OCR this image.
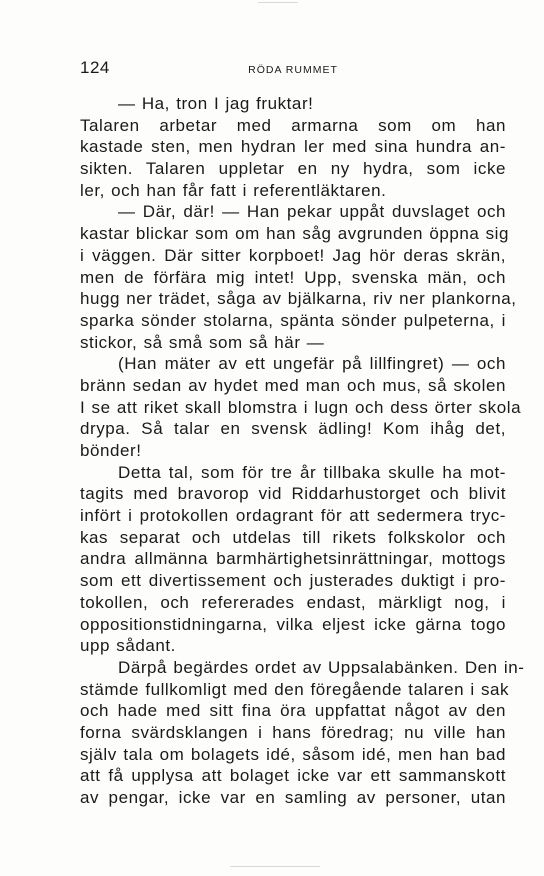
124	RÖDA RUMMET
— Ha, tron I jag fruktar!
Talaren arbetar med armarna som om han
kastade sten, men hydran ler med sina hundra an-
sikten. Talaren uppletar en ny hydra, som icke
ler, och han får fatt i referentläktaren.
— Där, där! — Han pekar uppåt duvslaget och
kastar blickar som om han såg avgrunden öppna sig
i väggen. Där sitter korpboet! Jag hör deras skrän,
men de förfära mig intet! Upp, svenska män, och
hugg ner trädet, såga av bjälkarna, riv ner plankorna,
sparka sönder stolarna, spänta sönder pulpeterna, i
stickor, så små som så här —
(Han mäter av ett ungefär på lillfingret) — och
bränn sedan av hydet med man och mus, så skolen
I se att riket skall blomstra i lugn och dess örter skola
drypa. Så talar en svensk ädling! Kom ihåg det,
bönder!
Detta tal, som för tre år tillbaka skulle ha mot-
tagits med bravorop vid Riddarhustorget och blivit
infört i protokollen ordagrant för att sedermera tryc-
kas separat och utdelas till rikets folkskolor och
andra allmänna barmhärtighetsinrättningar, mottogs
som ett divertissement och justerades duktigt i pro-
tokollen, och refererades endast, märkligt nog, i
oppositionstidningarna, vilka eljest icke gärna togo
upp sådant.
Därpå begärdes ordet av Uppsalabänken. Den in-
stämde fullkomligt med den föregående talaren i sak
och hade med sitt fina öra uppfattat något av den
forna svärdsklangen i hans föredrag; nu ville han
själv tala om bolagets idé, såsom idé, men han bad
att få upplysa att bolaget icke var ett sammanskott
av pengar, icke var en samling av personer, utan
